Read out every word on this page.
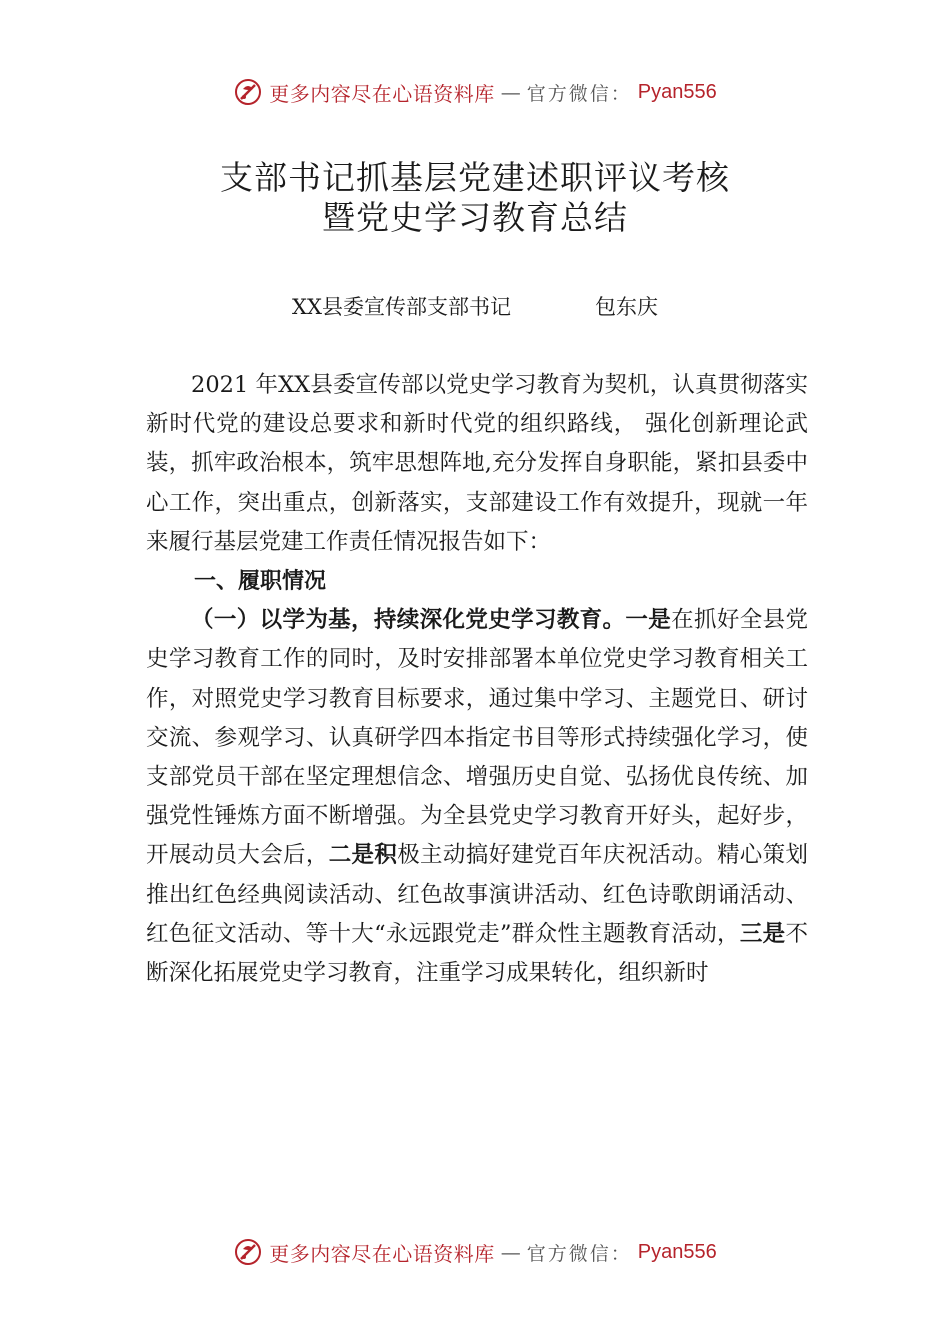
更多内容尽在心语资料库 — 官方微信： Pyan556
支部书记抓基层党建述职评议考核
暨党史学习教育总结
XX县委宣传部支部书记	包东庆

2021 年XX县委宣传部以党史学习教育为契机，认真贯彻落实新时代党的建设总要求和新时代党的组织路线， 强化创新理论武装，抓牢政治根本，筑牢思想阵地,充分发挥自身职能，紧扣县委中心工作，突出重点，创新落实，支部建设工作有效提升，现就一年来履行基层党建工作责任情况报告如下：

一、履职情况

（一）以学为基，持续深化党史学习教育。一是在抓好全县党史学习教育工作的同时，及时安排部署本单位党史学习教育相关工作，对照党史学习教育目标要求，通过集中学习、主题党日、研讨交流、参观学习、认真研学四本指定书目等形式持续强化学习，使支部党员干部在坚定理想信念、增强历史自觉、弘扬优良传统、加强党性锤炼方面不断增强。为全县党史学习教育开好头，起好步，开展动员大会后，二是积极主动搞好建党百年庆祝活动。精心策划推出红色经典阅读活动、红色故事演讲活动、红色诗歌朗诵活动、红色征文活动、等十大“永远跟党走”群众性主题教育活动，三是不断深化拓展党史学习教育，注重学习成果转化，组织新时

更多内容尽在心语资料库 — 官方微信： Pyan556
